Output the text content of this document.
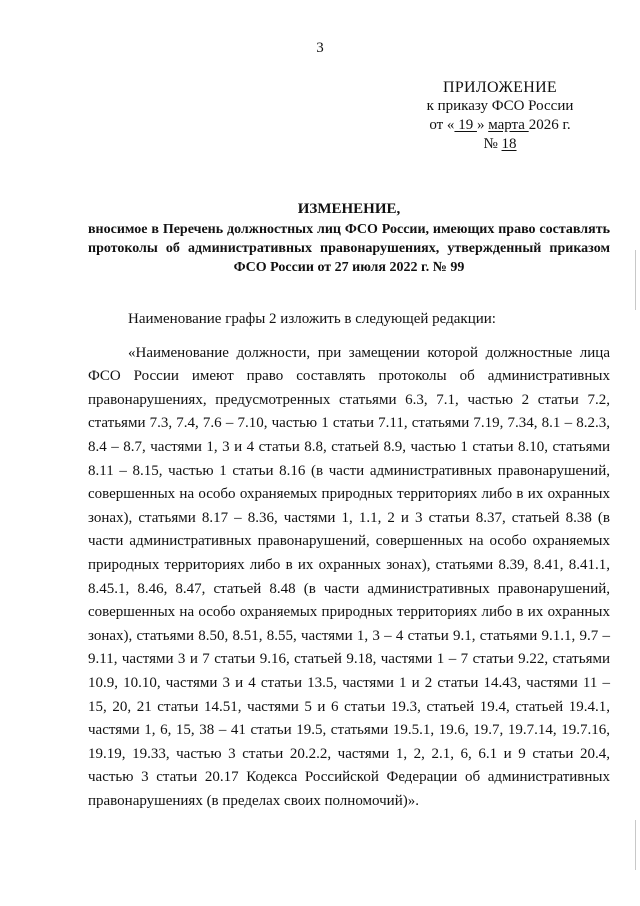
3
ПРИЛОЖЕНИЕ
к приказу ФСО России
от « 19 » марта 2026 г.
№ 18
ИЗМЕНЕНИЕ,
вносимое в Перечень должностных лиц ФСО России, имеющих право составлять протоколы об административных правонарушениях, утвержденный приказом ФСО России от 27 июля 2022 г. № 99

Наименование графы 2 изложить в следующей редакции:

«Наименование должности, при замещении которой должностные лица ФСО России имеют право составлять протоколы об административных правонарушениях, предусмотренных статьями 6.3, 7.1, частью 2 статьи 7.2, статьями 7.3, 7.4, 7.6 – 7.10, частью 1 статьи 7.11, статьями 7.19, 7.34, 8.1 – 8.2.3, 8.4 – 8.7, частями 1, 3 и 4 статьи 8.8, статьей 8.9, частью 1 статьи 8.10, статьями 8.11 – 8.15, частью 1 статьи 8.16 (в части административных правонарушений, совершенных на особо охраняемых природных территориях либо в их охранных зонах), статьями 8.17 – 8.36, частями 1, 1.1, 2 и 3 статьи 8.37, статьей 8.38 (в части административных правонарушений, совершенных на особо охраняемых природных территориях либо в их охранных зонах), статьями 8.39, 8.41, 8.41.1, 8.45.1, 8.46, 8.47, статьей 8.48 (в части административных правонарушений, совершенных на особо охраняемых природных территориях либо в их охранных зонах), статьями 8.50, 8.51, 8.55, частями 1, 3 – 4 статьи 9.1, статьями 9.1.1, 9.7 – 9.11, частями 3 и 7 статьи 9.16, статьей 9.18, частями 1 – 7 статьи 9.22, статьями 10.9, 10.10, частями 3 и 4 статьи 13.5, частями 1 и 2 статьи 14.43, частями 11 – 15, 20, 21 статьи 14.51, частями 5 и 6 статьи 19.3, статьей 19.4, статьей 19.4.1, частями 1, 6, 15, 38 – 41 статьи 19.5, статьями 19.5.1, 19.6, 19.7, 19.7.14, 19.7.16, 19.19, 19.33, частью 3 статьи 20.2.2, частями 1, 2, 2.1, 6, 6.1 и 9 статьи 20.4, частью 3 статьи 20.17 Кодекса Российской Федерации об административных правонарушениях (в пределах своих полномочий)».
